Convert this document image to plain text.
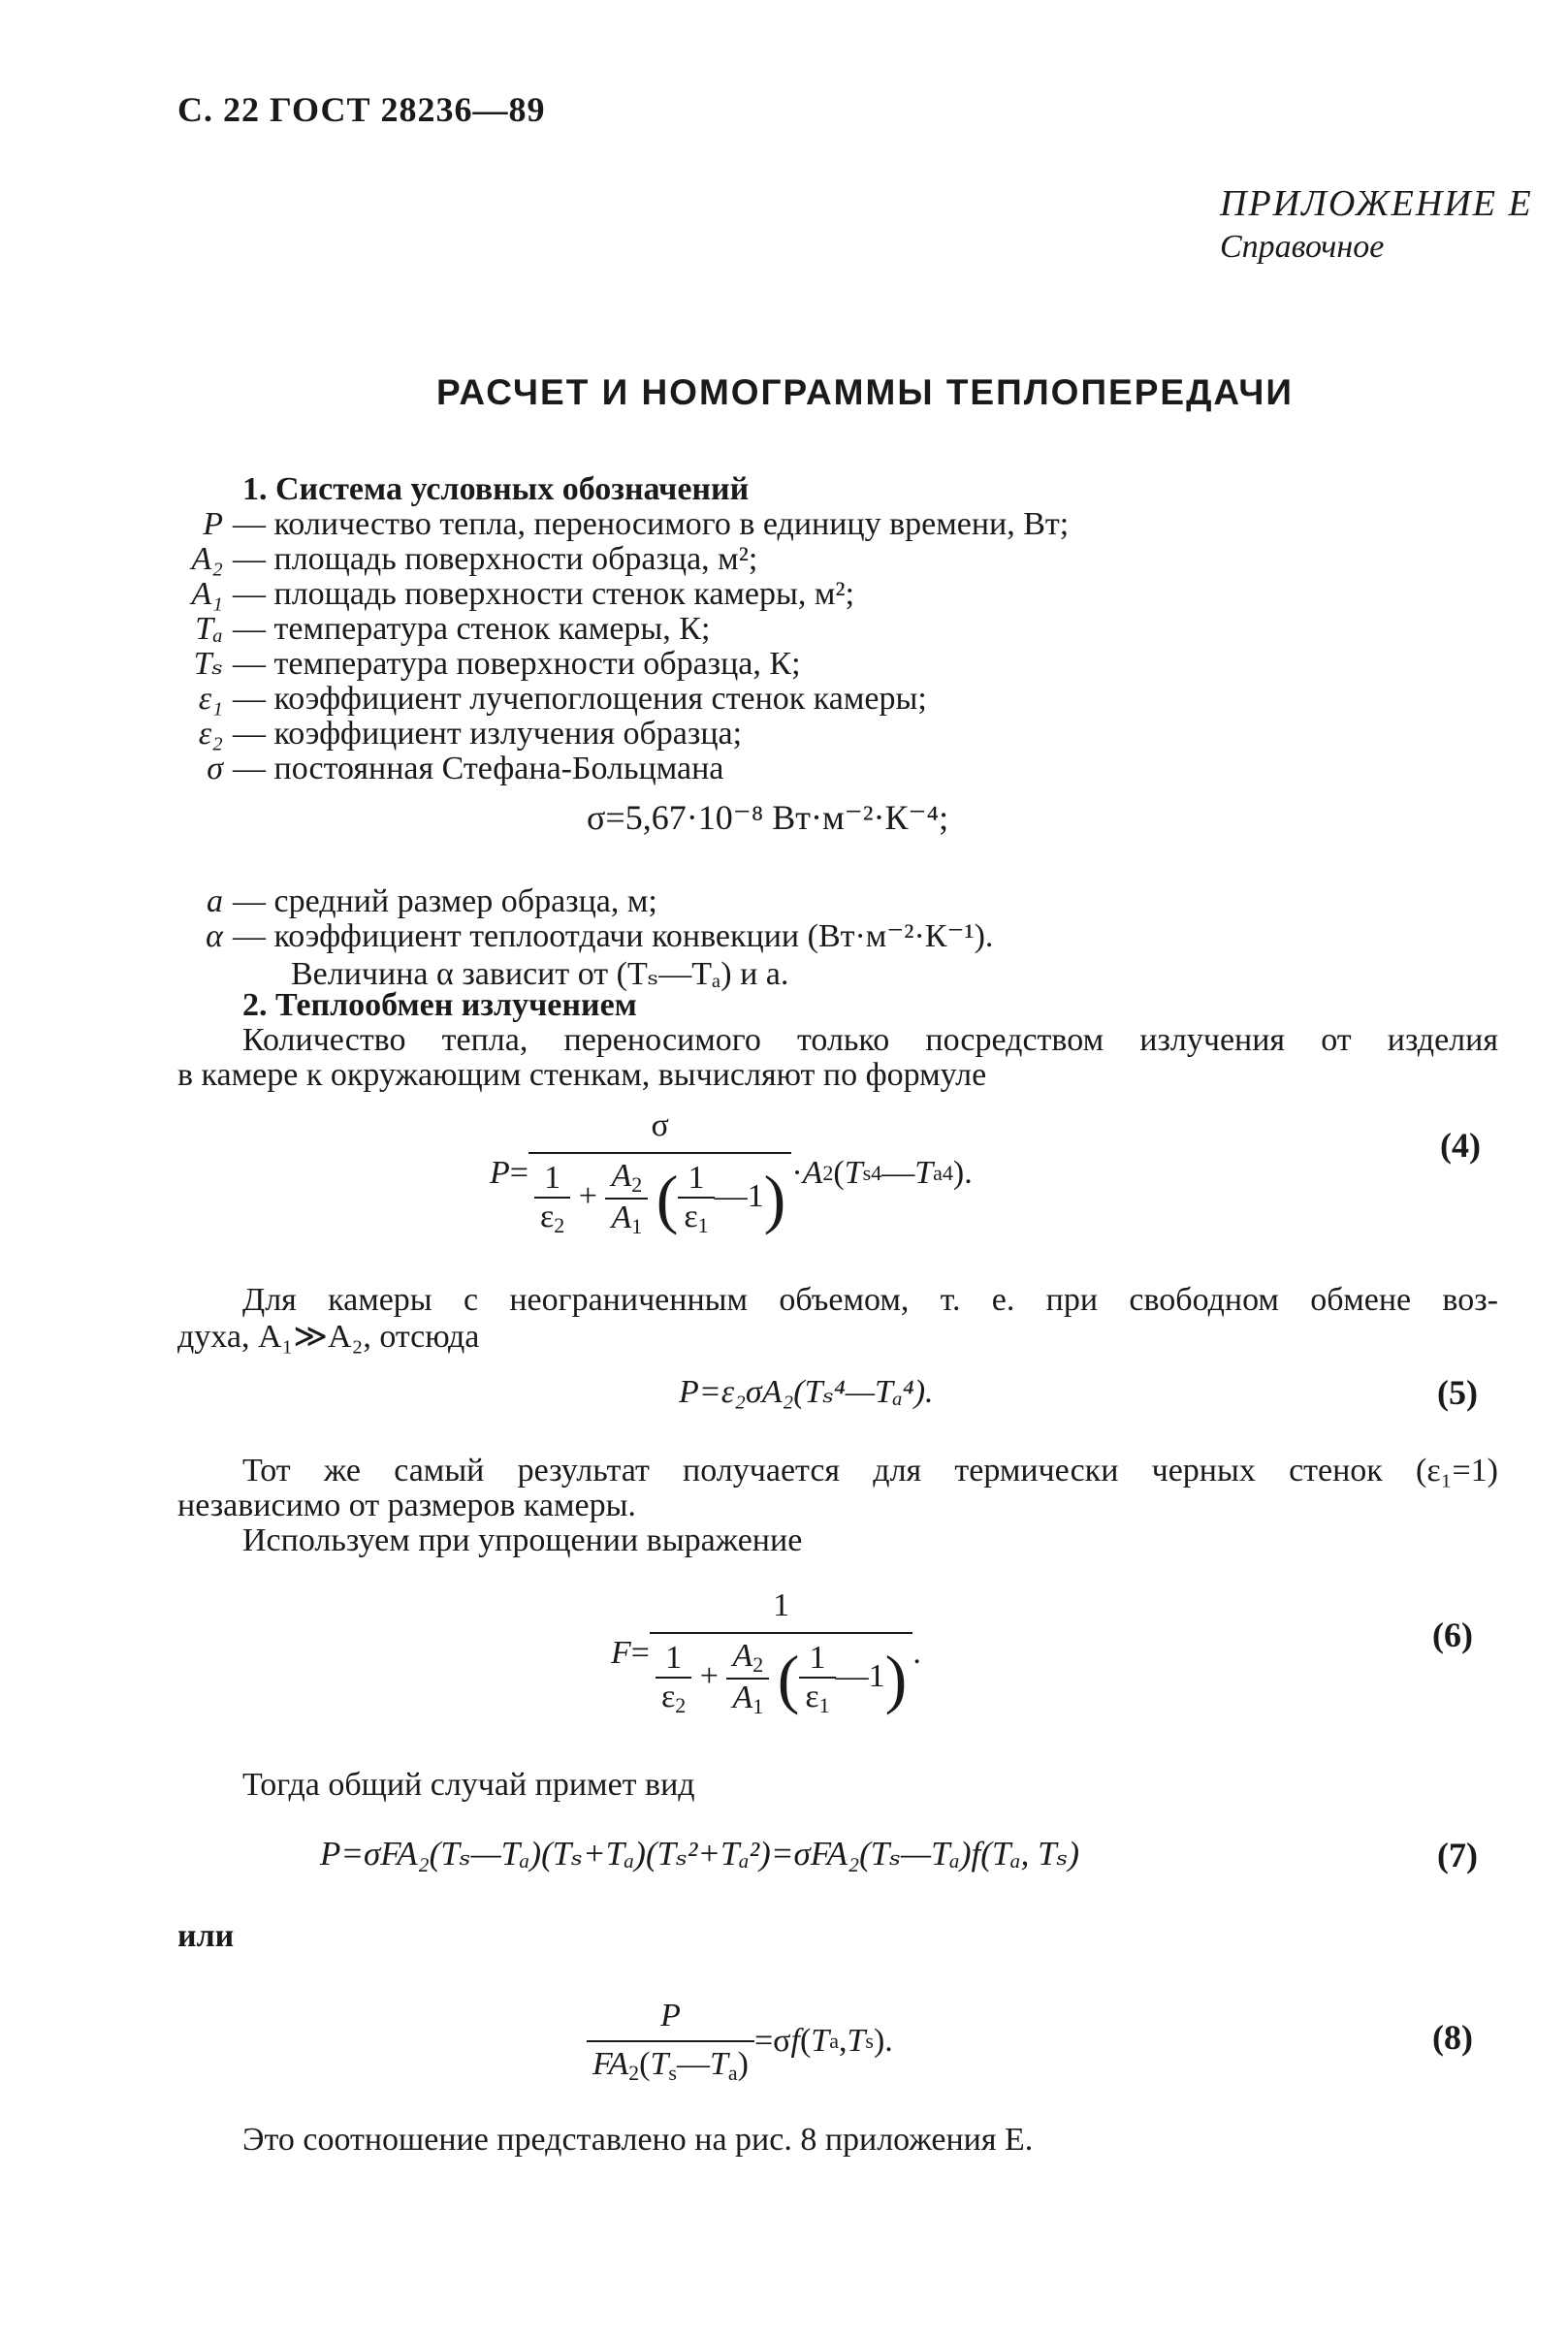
С. 22 ГОСТ 28236—89
ПРИЛОЖЕНИЕ Е
Справочное
РАСЧЕТ И НОМОГРАММЫ ТЕПЛОПЕРЕДАЧИ
1. Система условных обозначений
P — количество тепла, переносимого в единицу времени, Вт;
A₂ — площадь поверхности образца, м²;
A₁ — площадь поверхности стенок камеры, м²;
Tₐ — температура стенок камеры, К;
Tₛ — температура поверхности образца, К;
ε₁ — коэффициент лучепоглощения стенок камеры;
ε₂ — коэффициент излучения образца;
σ — постоянная Стефана-Больцмана
σ=5,67·10⁻⁸ Вт·м⁻²·К⁻⁴;
a — средний размер образца, м;
α — коэффициент теплоотдачи конвекции (Вт·м⁻²·К⁻¹).
Величина α зависит от (Tₛ—Tₐ) и a.
2. Теплообмен излучением
Количество тепла, переносимого только посредством излучения от изделия
в камере к окружающим стенкам, вычисляют по формуле
$P = \frac{\sigma}{\frac{1}{\varepsilon_2} + \frac{A_2}{A_1} ( \frac{1}{\varepsilon_1} —1)} \cdot A$ 2 ( T s 4 — T a 4 ).
(4)
Для камеры с неограниченным объемом, т. е. при свободном обмене воз-
духа, A₁≫A₂, отсюда
P=ε₂σA₂(Tₛ⁴—Tₐ⁴).	(5)
Тот же самый результат получается для термически черных стенок (ε₁=1)
независимо от размеров камеры.
Используем при упрощении выражение
$F = \frac{1}{\frac{1}{\varepsilon_2} + \frac{A_2}{A_1} ( \frac{1}{\varepsilon_1} —1)}$ .	(6)
Тогда общий случай примет вид
P=σFA₂(Tₛ—Tₐ)(Tₛ+Tₐ)(Tₛ²+Tₐ²)=σFA₂(Tₛ—Tₐ)f(Tₐ, Tₛ)	(7)
или
$\frac{P}{FA_2(T_s—T_a)} =\sigma$ f ( T a , T s ).	(8)
Это соотношение представлено на рис. 8 приложения Е.
